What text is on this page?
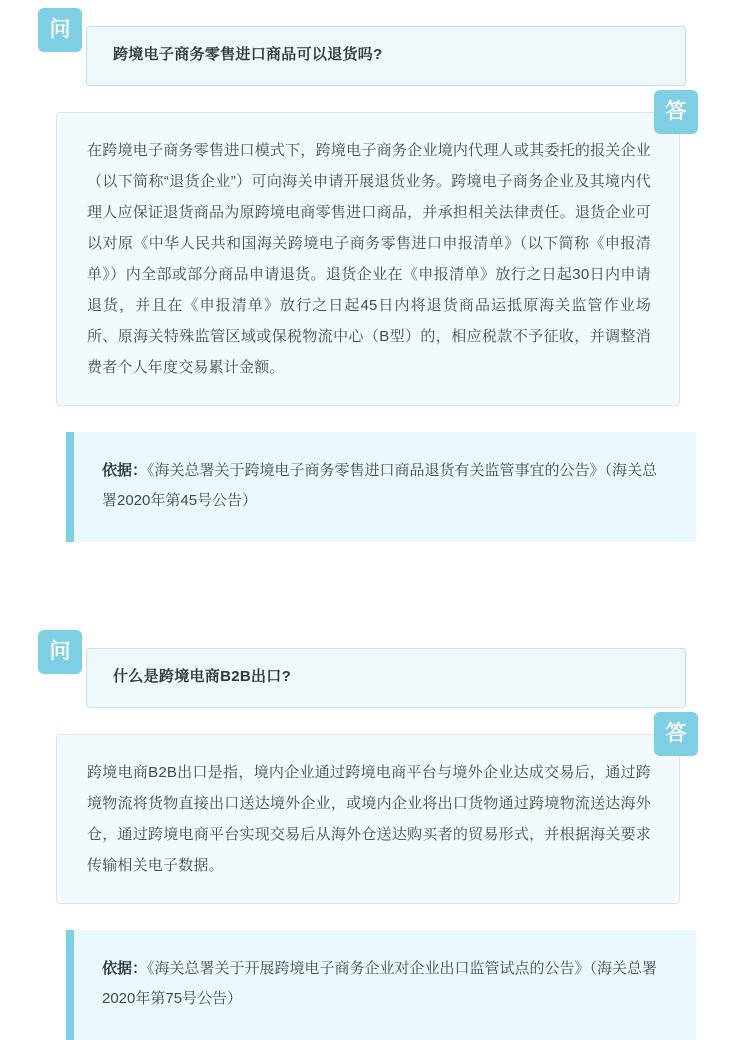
问
跨境电子商务零售进口商品可以退货吗?
答
在跨境电子商务零售进口模式下，跨境电子商务企业境内代理人或其委托的报关企业（以下简称“退货企业”）可向海关申请开展退货业务。跨境电子商务企业及其境内代理人应保证退货商品为原跨境电商零售进口商品，并承担相关法律责任。退货企业可以对原《中华人民共和国海关跨境电子商务零售进口申报清单》（以下简称《申报清单》）内全部或部分商品申请退货。退货企业在《申报清单》放行之日起30日内申请退货，并且在《申报清单》放行之日起45日内将退货商品运抵原海关监管作业场所、原海关特殊监管区域或保税物流中心（B型）的，相应税款不予征收，并调整消费者个人年度交易累计金额。
依据：《海关总署关于跨境电子商务零售进口商品退货有关监管事宜的公告》（海关总署2020年第45号公告）
问
什么是跨境电商B2B出口?
答
跨境电商B2B出口是指，境内企业通过跨境电商平台与境外企业达成交易后，通过跨境物流将货物直接出口送达境外企业，或境内企业将出口货物通过跨境物流送达海外仓，通过跨境电商平台实现交易后从海外仓送达购买者的贸易形式，并根据海关要求传输相关电子数据。
依据：《海关总署关于开展跨境电子商务企业对企业出口监管试点的公告》（海关总署2020年第75号公告）
